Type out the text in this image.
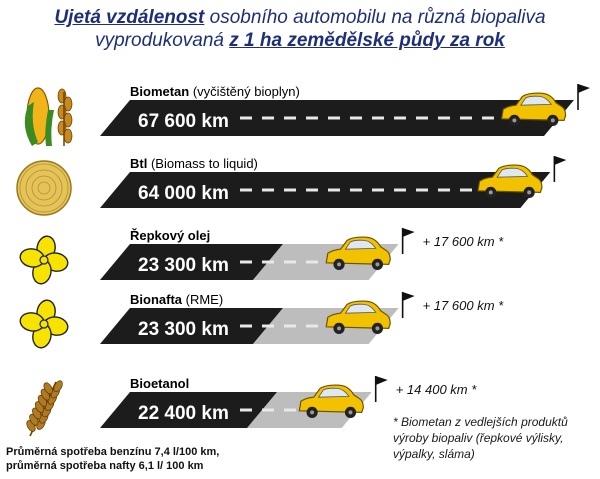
Ujetá vzdálenost osobního automobilu na různá biopaliva
vyprodukovaná z 1 ha zemědělské půdy za rok
67 600 km
Biometan (vyčištěný bioplyn)
64 000 km
Btl (Biomass to liquid)
23 300 km
Řepkový olej	+ 17 600 km *
23 300 km
Bionafta (RME)	+ 17 600 km *
22 400 km
Bioetanol	+ 14 400 km *
* Biometan z vedlejších produktů výroby biopaliv (řepkové výlisky, výpalky, sláma)
Průměrná spotřeba benzínu 7,4 l/100 km,
průměrná spotřeba nafty 6,1 l/ 100 km
